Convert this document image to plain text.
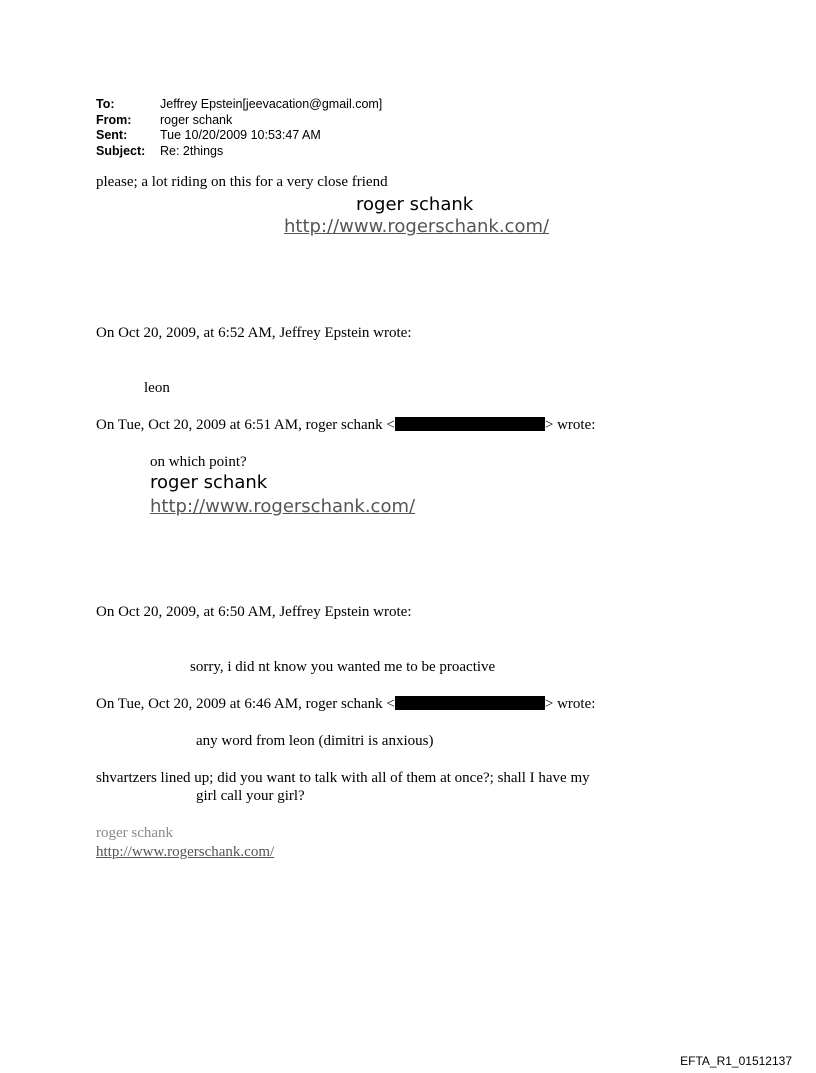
To:	Jeffrey Epstein[jeevacation@gmail.com]
From:	roger schank
Sent:	Tue 10/20/2009 10:53:47 AM
Subject:	Re: 2things
please; a lot riding on this for a very close friend
roger schank
http://www.rogerschank.com/
On Oct 20, 2009, at 6:52 AM, Jeffrey Epstein wrote:
leon
On Tue, Oct 20, 2009 at 6:51 AM, roger schank <	> wrote:
on which point?
roger schank
http://www.rogerschank.com/
On Oct 20, 2009, at 6:50 AM, Jeffrey Epstein wrote:
sorry, i did nt know you wanted me to be proactive
On Tue, Oct 20, 2009 at 6:46 AM, roger schank <	> wrote:
any word from leon (dimitri is anxious)
shvartzers lined up; did you want to talk with all of them at once?; shall I have my
girl call your girl?
roger schank
http://www.rogerschank.com/
EFTA_R1_01512137
